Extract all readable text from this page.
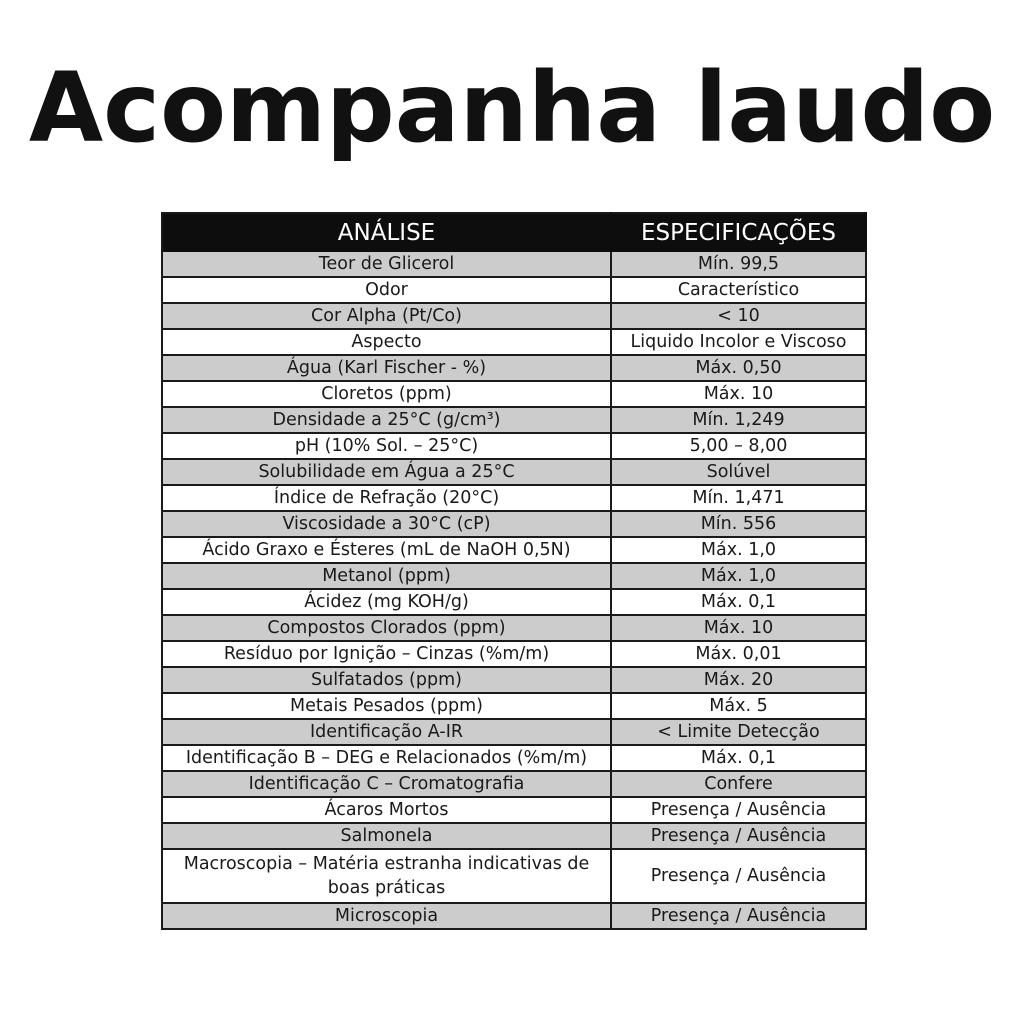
Acompanha laudo
ANÁLISE	ESPECIFICAÇÕES
Teor de Glicerol	Mín. 99,5
Odor	Característico
Cor Alpha (Pt/Co)	< 10
Aspecto	Liquido Incolor e Viscoso
Água (Karl Fischer - %)	Máx. 0,50
Cloretos (ppm)	Máx. 10
Densidade a 25°C (g/cm³)	Mín. 1,249
pH (10% Sol. – 25°C)	5,00 – 8,00
Solubilidade em Água a 25°C	Solúvel
Índice de Refração (20°C)	Mín. 1,471
Viscosidade a 30°C (cP)	Mín. 556
Ácido Graxo e Ésteres (mL de NaOH 0,5N)	Máx. 1,0
Metanol (ppm)	Máx. 1,0
Ácidez (mg KOH/g)	Máx. 0,1
Compostos Clorados (ppm)	Máx. 10
Resíduo por Ignição – Cinzas (%m/m)	Máx. 0,01
Sulfatados (ppm)	Máx. 20
Metais Pesados (ppm)	Máx. 5
Identificação A-IR	< Limite Detecção
Identificação B – DEG e Relacionados (%m/m)	Máx. 0,1
Identificação C – Cromatografia	Confere
Ácaros Mortos	Presença / Ausência
Salmonela	Presença / Ausência
Macroscopia – Matéria estranha indicativas de boas práticas	Presença / Ausência
Microscopia	Presença / Ausência
